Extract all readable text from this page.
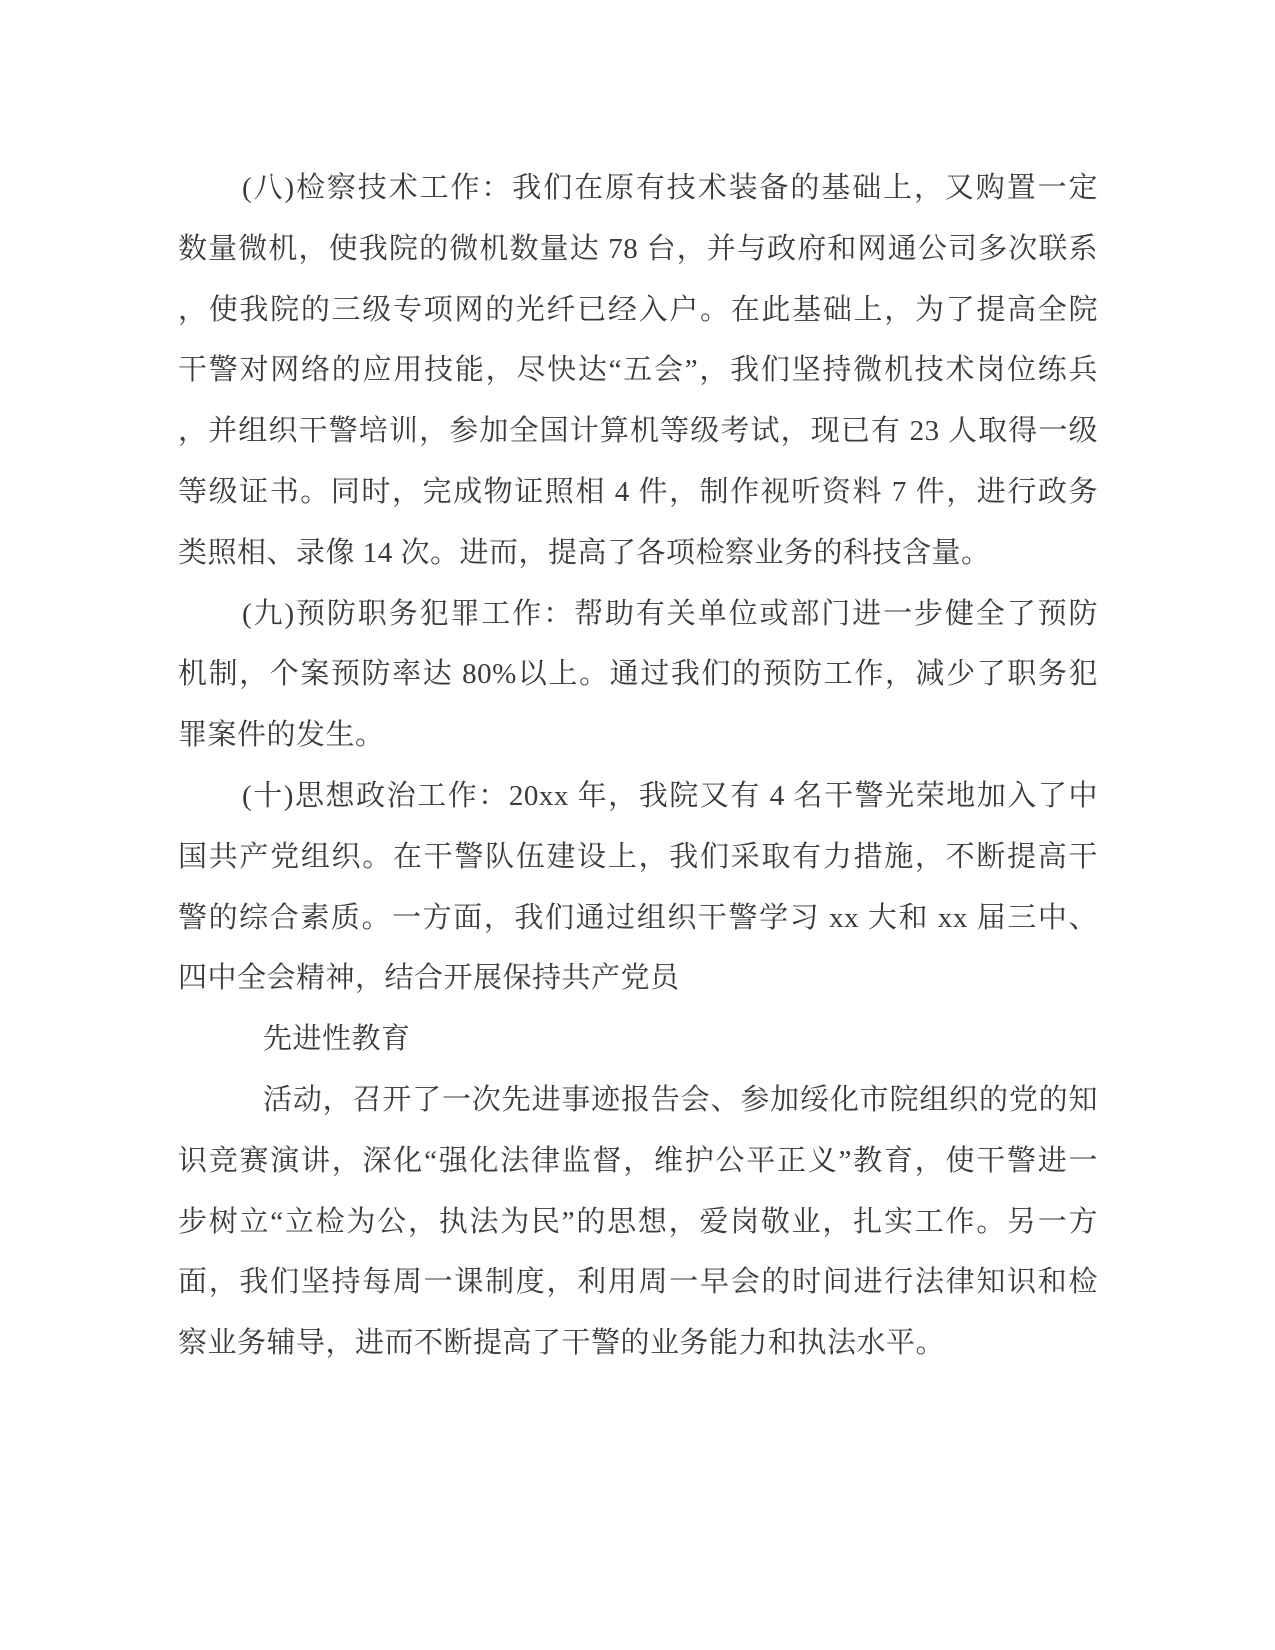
(八)检察技术工作：我们在原有技术装备的基础上，又购置一定
数量微机，使我院的微机数量达 78 台，并与政府和网通公司多次联系
，使我院的三级专项网的光纤已经入户。在此基础上，为了提高全院
干警对网络的应用技能，尽快达“五会”，我们坚持微机技术岗位练兵
，并组织干警培训，参加全国计算机等级考试，现已有 23 人取得一级
等级证书。同时，完成物证照相 4 件，制作视听资料 7 件，进行政务
类照相、录像 14 次。进而，提高了各项检察业务的科技含量。
(九)预防职务犯罪工作：帮助有关单位或部门进一步健全了预防
机制，个案预防率达 80%以上。通过我们的预防工作，减少了职务犯
罪案件的发生。
(十)思想政治工作：20xx 年，我院又有 4 名干警光荣地加入了中
国共产党组织。在干警队伍建设上，我们采取有力措施，不断提高干
警的综合素质。一方面，我们通过组织干警学习 xx 大和 xx 届三中、
四中全会精神，结合开展保持共产党员
先进性教育
活动，召开了一次先进事迹报告会、参加绥化市院组织的党的知
识竞赛演讲，深化“强化法律监督，维护公平正义”教育，使干警进一
步树立“立检为公，执法为民”的思想，爱岗敬业，扎实工作。另一方
面，我们坚持每周一课制度，利用周一早会的时间进行法律知识和检
察业务辅导，进而不断提高了干警的业务能力和执法水平。
